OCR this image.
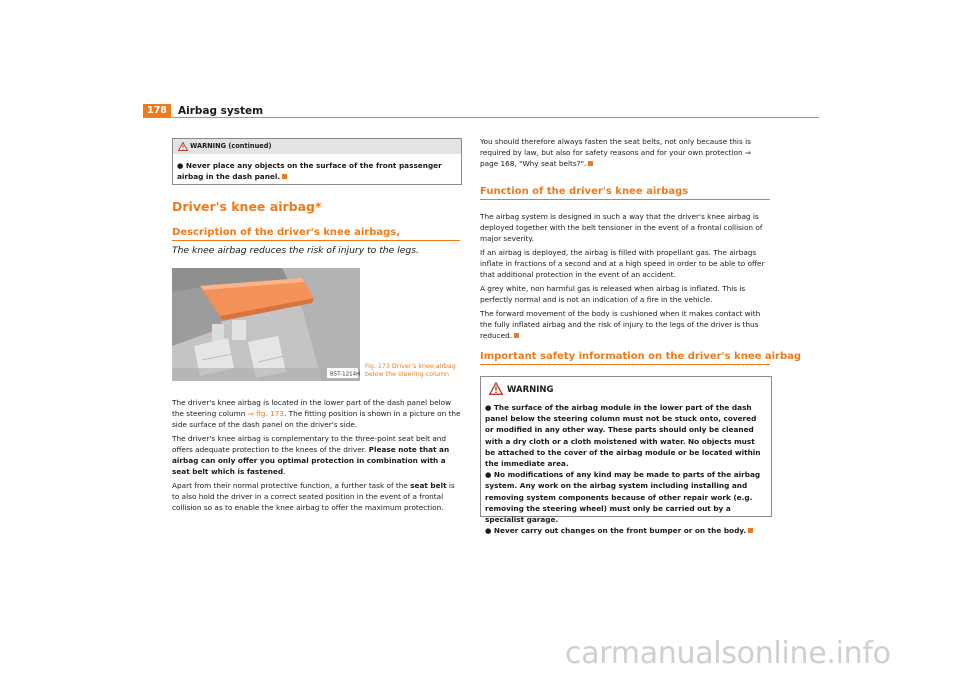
178	Airbag system
WARNING (continued)
● Never place any objects on the surface of the front passenger airbag in the dash panel.
Driver's knee airbag*
Description of the driver's knee airbags,
The knee airbag reduces the risk of injury to the legs.
B5T-1214H
Fig. 173 Driver's knee airbag below the steering column

The driver's knee airbag is located in the lower part of the dash panel below the steering column ⇒ fig. 173. The fitting position is shown in a picture on the side surface of the dash panel on the driver's side.

The driver's knee airbag is complementary to the three-point seat belt and offers adequate protection to the knees of the driver. Please note that an airbag can only offer you optimal protection in combination with a seat belt which is fastened.

Apart from their normal protective function, a further task of the seat belt is to also hold the driver in a correct seated position in the event of a frontal collision so as to enable the knee airbag to offer the maximum protection.

You should therefore always fasten the seat belts, not only because this is required by law, but also for safety reasons and for your own protection ⇒ page 168, "Why seat belts?".
Function of the driver's knee airbags

The airbag system is designed in such a way that the driver's knee airbag is deployed together with the belt tensioner in the event of a frontal collision of major severity.

If an airbag is deployed, the airbag is filled with propellant gas. The airbags inflate in fractions of a second and at a high speed in order to be able to offer that additional protection in the event of an accident.

A grey white, non harmful gas is released when airbag is inflated. This is perfectly normal and is not an indication of a fire in the vehicle.

The forward movement of the body is cushioned when it makes contact with the fully inflated airbag and the risk of injury to the legs of the driver is thus reduced.

Important safety information on the driver's knee airbag
WARNING

● The surface of the airbag module in the lower part of the dash panel below the steering column must not be stuck onto, covered or modified in any other way. These parts should only be cleaned with a dry cloth or a cloth moistened with water. No objects must be attached to the cover of the airbag module or be located within the immediate area.

● No modifications of any kind may be made to parts of the airbag system. Any work on the airbag system including installing and removing system components because of other repair work (e.g. removing the steering wheel) must only be carried out by a specialist garage.

● Never carry out changes on the front bumper or on the body.

carmanualsonline.info
